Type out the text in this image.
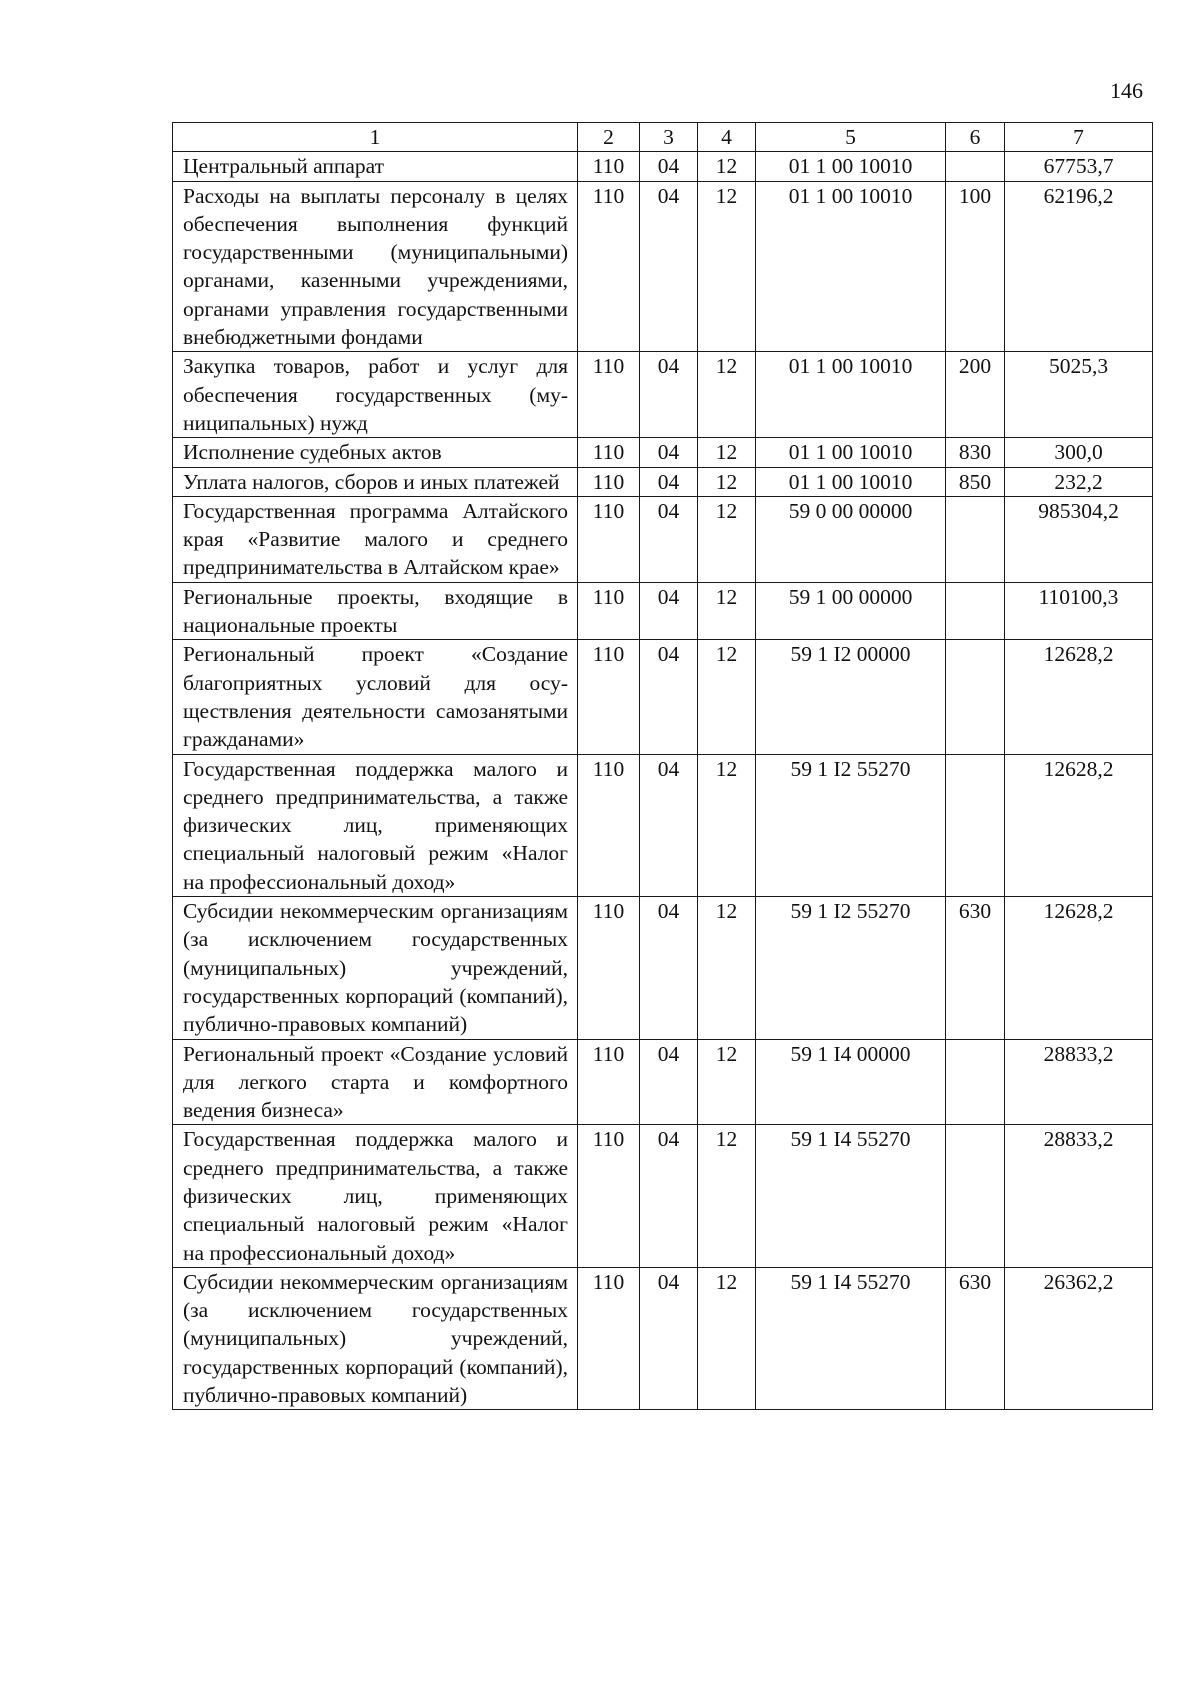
146
1	2	3	4	5	6	7
Центральный аппарат	110	04	12	01 1 00 10010		67753,7
Расходы на выплаты персоналу в целях обеспечения выполнения функций государственными (муниципальными) органами, казенными учреждениями, органами управления государственными внебюджетными фондами	110	04	12	01 1 00 10010	100	62196,2
Закупка товаров, работ и услуг для обеспечения государственных (муниципальных) нужд	110	04	12	01 1 00 10010	200	5025,3
Исполнение судебных актов	110	04	12	01 1 00 10010	830	300,0
Уплата налогов, сборов и иных платежей	110	04	12	01 1 00 10010	850	232,2
Государственная программа Алтайского края «Развитие малого и среднего предпринимательства в Алтайском крае»	110	04	12	59 0 00 00000		985304,2
Региональные проекты, входящие в национальные проекты	110	04	12	59 1 00 00000		110100,3
Региональный проект «Создание благоприятных условий для осуществления деятельности самозанятыми гражданами»	110	04	12	59 1 I2 00000		12628,2
Государственная поддержка малого и среднего предпринимательства, а также физических лиц, применяющих специальный налоговый режим «Налог на профессиональный доход»	110	04	12	59 1 I2 55270		12628,2
Субсидии некоммерческим организациям (за исключением государственных (муниципальных) учреждений, государственных корпораций (компаний), публично-правовых компаний)	110	04	12	59 1 I2 55270	630	12628,2
Региональный проект «Создание условий для легкого старта и комфортного ведения бизнеса»	110	04	12	59 1 I4 00000		28833,2
Государственная поддержка малого и среднего предпринимательства, а также физических лиц, применяющих специальный налоговый режим «Налог на профессиональный доход»	110	04	12	59 1 I4 55270		28833,2
Субсидии некоммерческим организациям (за исключением государственных (муниципальных) учреждений, государственных корпораций (компаний), публично-правовых компаний)	110	04	12	59 1 I4 55270	630	26362,2
